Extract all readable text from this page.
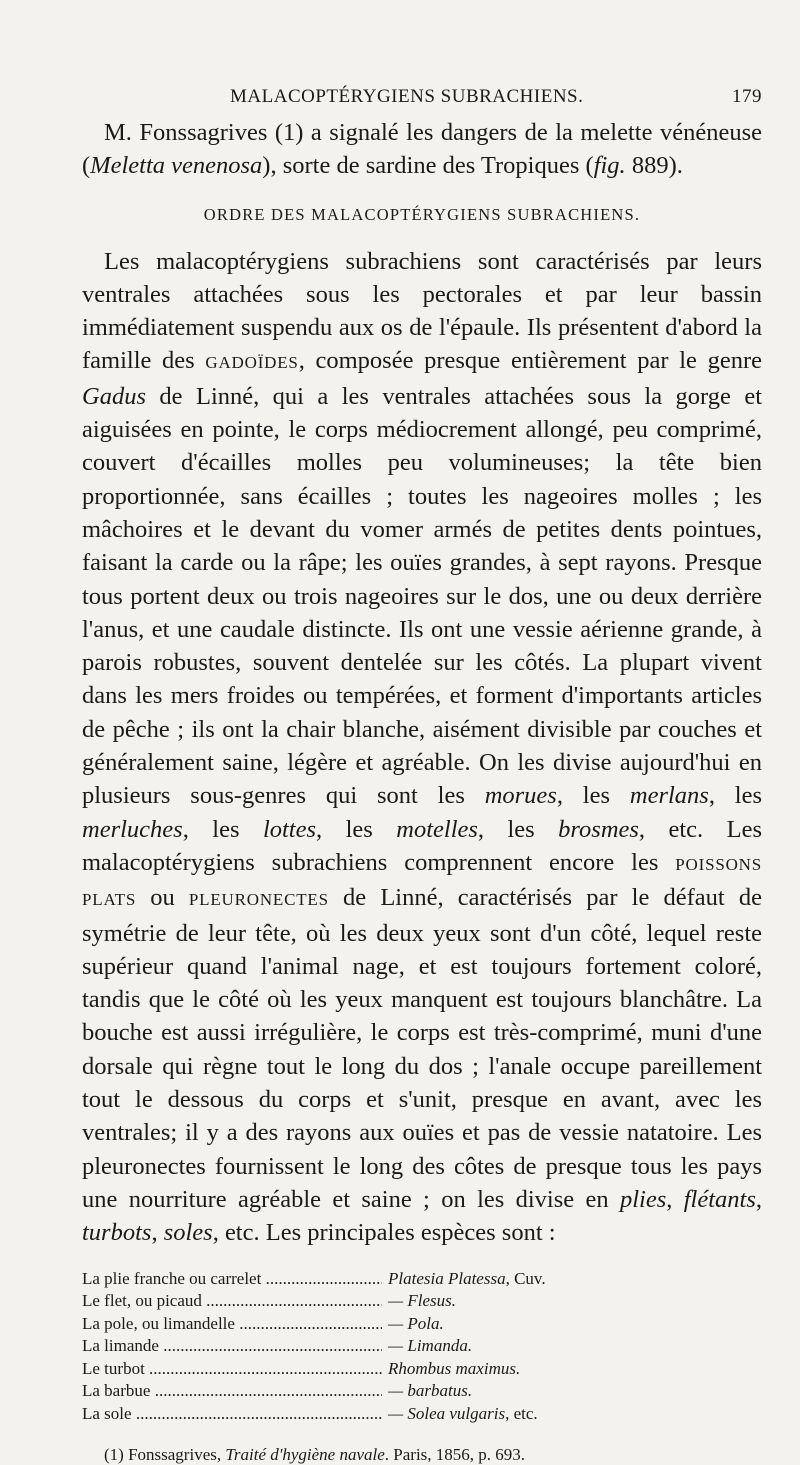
MALACOPTÉRYGIENS SUBRACHIENS.	179

M. Fonssagrives (1) a signalé les dangers de la melette vénéneuse (Meletta venenosa), sorte de sardine des Tropiques (fig. 889).

ORDRE DES MALACOPTÉRYGIENS SUBRACHIENS.

Les malacoptérygiens subrachiens sont caractérisés par leurs ventrales attachées sous les pectorales et par leur bassin immédiatement suspendu aux os de l'épaule. Ils présentent d'abord la famille des GADOÏDES, composée presque entièrement par le genre Gadus de Linné, qui a les ventrales attachées sous la gorge et aiguisées en pointe, le corps médiocrement allongé, peu comprimé, couvert d'écailles molles peu volumineuses; la tête bien proportionnée, sans écailles ; toutes les nageoires molles ; les mâchoires et le devant du vomer armés de petites dents pointues, faisant la carde ou la râpe; les ouïes grandes, à sept rayons. Presque tous portent deux ou trois nageoires sur le dos, une ou deux derrière l'anus, et une caudale distincte. Ils ont une vessie aérienne grande, à parois robustes, souvent dentelée sur les côtés. La plupart vivent dans les mers froides ou tempérées, et forment d'importants articles de pêche ; ils ont la chair blanche, aisément divisible par couches et généralement saine, légère et agréable. On les divise aujourd'hui en plusieurs sous-genres qui sont les morues, les merlans, les merluches, les lottes, les motelles, les brosmes, etc. Les malacoptérygiens subrachiens comprennent encore les POISSONS PLATS ou PLEURONECTES de Linné, caractérisés par le défaut de symétrie de leur tête, où les deux yeux sont d'un côté, lequel reste supérieur quand l'animal nage, et est toujours fortement coloré, tandis que le côté où les yeux manquent est toujours blanchâtre. La bouche est aussi irrégulière, le corps est très-comprimé, muni d'une dorsale qui règne tout le long du dos ; l'anale occupe pareillement tout le dessous du corps et s'unit, presque en avant, avec les ventrales; il y a des rayons aux ouïes et pas de vessie natatoire. Les pleuronectes fournissent le long des côtes de presque tous les pays une nourriture agréable et saine ; on les divise en plies, flétants, turbots, soles, etc. Les principales espèces sont :

La plie franche ou carrelet .....	Platesia Platessa, Cuv.
Le flet, ou picaud .....	— Flesus.
La pole, ou limandelle .....	— Pola.
La limande .....	— Limanda.
Le turbot .....	Rhombus maximus.
La barbue .....	— barbatus.
La sole .....	— Solea vulgaris, etc.
(1) Fonssagrives, Traité d'hygiène navale. Paris, 1856, p. 693.
